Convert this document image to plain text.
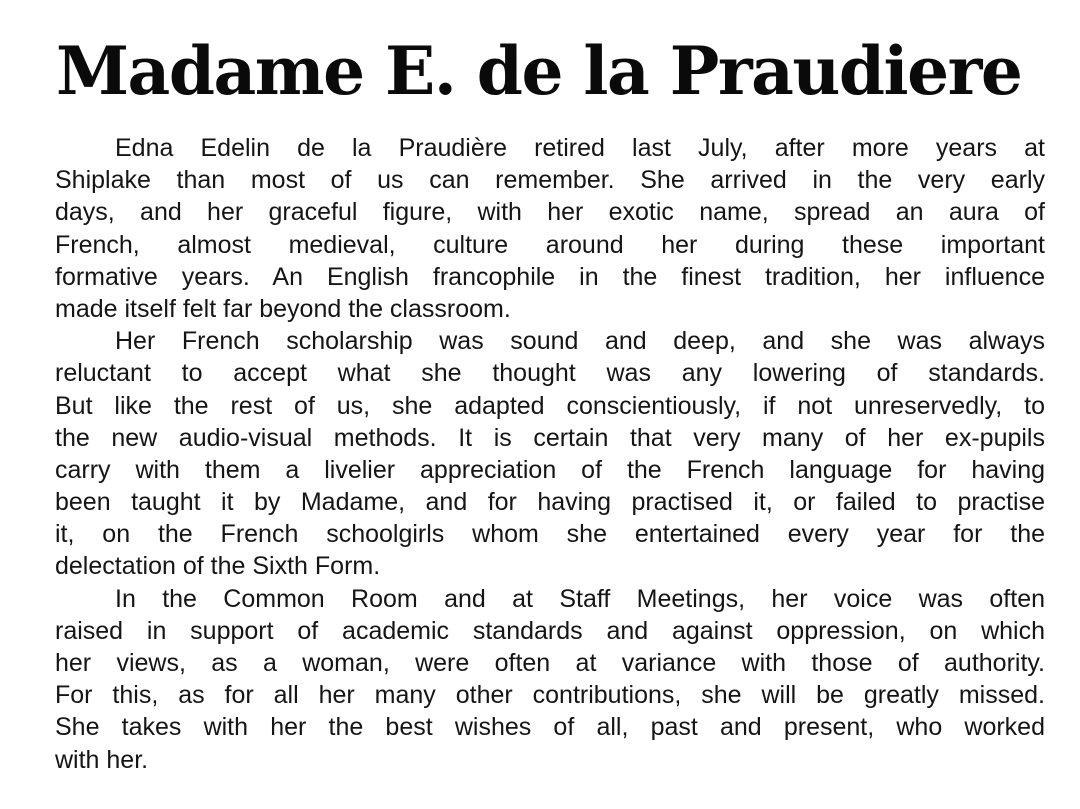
Madame E. de la Praudiere
Edna Edelin de la Praudière retired last July, after more years at
Shiplake than most of us can remember. She arrived in the very early
days, and her graceful figure, with her exotic name, spread an aura of
French, almost medieval, culture around her during these important
formative years. An English francophile in the finest tradition, her influence
made itself felt far beyond the classroom.
Her French scholarship was sound and deep, and she was always
reluctant to accept what she thought was any lowering of standards.
But like the rest of us, she adapted conscientiously, if not unreservedly, to
the new audio-visual methods. It is certain that very many of her ex-pupils
carry with them a livelier appreciation of the French language for having
been taught it by Madame, and for having practised it, or failed to practise
it, on the French schoolgirls whom she entertained every year for the
delectation of the Sixth Form.
In the Common Room and at Staff Meetings, her voice was often
raised in support of academic standards and against oppression, on which
her views, as a woman, were often at variance with those of authority.
For this, as for all her many other contributions, she will be greatly missed.
She takes with her the best wishes of all, past and present, who worked
with her.
